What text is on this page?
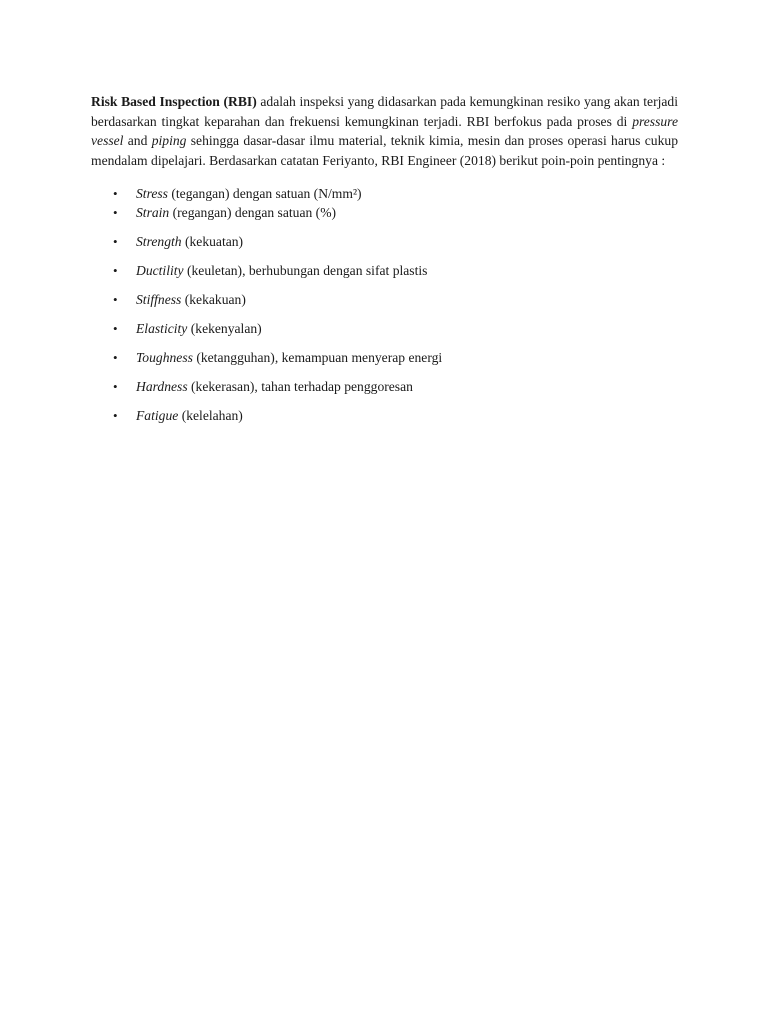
Risk Based Inspection (RBI) adalah inspeksi yang didasarkan pada kemungkinan resiko yang akan terjadi berdasarkan tingkat keparahan dan frekuensi kemungkinan terjadi. RBI berfokus pada proses di pressure vessel and piping sehingga dasar-dasar ilmu material, teknik kimia, mesin dan proses operasi harus cukup mendalam dipelajari. Berdasarkan catatan Feriyanto, RBI Engineer (2018) berikut poin-poin pentingnya :

• Stress (tegangan) dengan satuan (N/mm²)
• Strain (regangan) dengan satuan (%)
• Strength (kekuatan)
• Ductility (keuletan), berhubungan dengan sifat plastis
• Stiffness (kekakuan)
• Elasticity (kekenyalan)
• Toughness (ketangguhan), kemampuan menyerap energi
• Hardness (kekerasan), tahan terhadap penggoresan
• Fatigue (kelelahan)
